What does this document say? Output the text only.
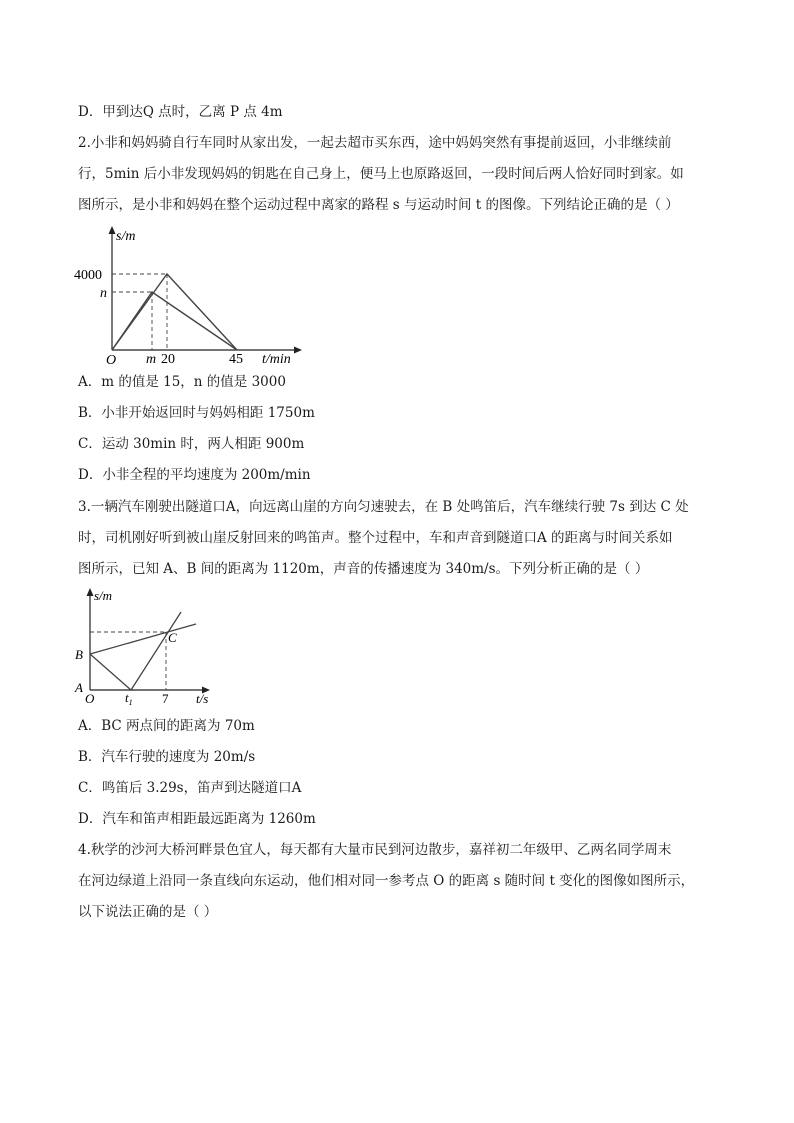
D．甲到达Q 点时，乙离 P 点 4m
2.小非和妈妈骑自行车同时从家出发，一起去超市买东西，途中妈妈突然有事提前返回，小非继续前
行，5min 后小非发现妈妈的钥匙在自己身上，便马上也原路返回，一段时间后两人恰好同时到家。如
图所示，是小非和妈妈在整个运动过程中离家的路程 s 与运动时间 t 的图像。下列结论正确的是（ ）
s/m
4000
n
O m 20	45 t/min
A．m 的值是 15，n 的值是 3000
B．小非开始返回时与妈妈相距 1750m
C．运动 30min 时，两人相距 900m
D．小非全程的平均速度为 200m/min
3.一辆汽车刚驶出隧道口A，向远离山崖的方向匀速驶去，在 B 处鸣笛后，汽车继续行驶 7s 到达 C 处
时，司机刚好听到被山崖反射回来的鸣笛声。整个过程中，车和声音到隧道口A 的距离与时间关系如
图所示，已知 A、B 间的距离为 1120m，声音的传播速度为 340m/s。下列分析正确的是（ ）
s/m
B
C
A
O $t_1$ 7 t/s
A．BC 两点间的距离为 70m
B．汽车行驶的速度为 20m/s
C．鸣笛后 3.29s，笛声到达隧道口A
D．汽车和笛声相距最远距离为 1260m
4.秋学的沙河大桥河畔景色宜人，每天都有大量市民到河边散步，嘉祥初二年级甲、乙两名同学周末
在河边绿道上沿同一条直线向东运动，他们相对同一参考点 O 的距离 s 随时间 t 变化的图像如图所示，
以下说法正确的是（ ）
